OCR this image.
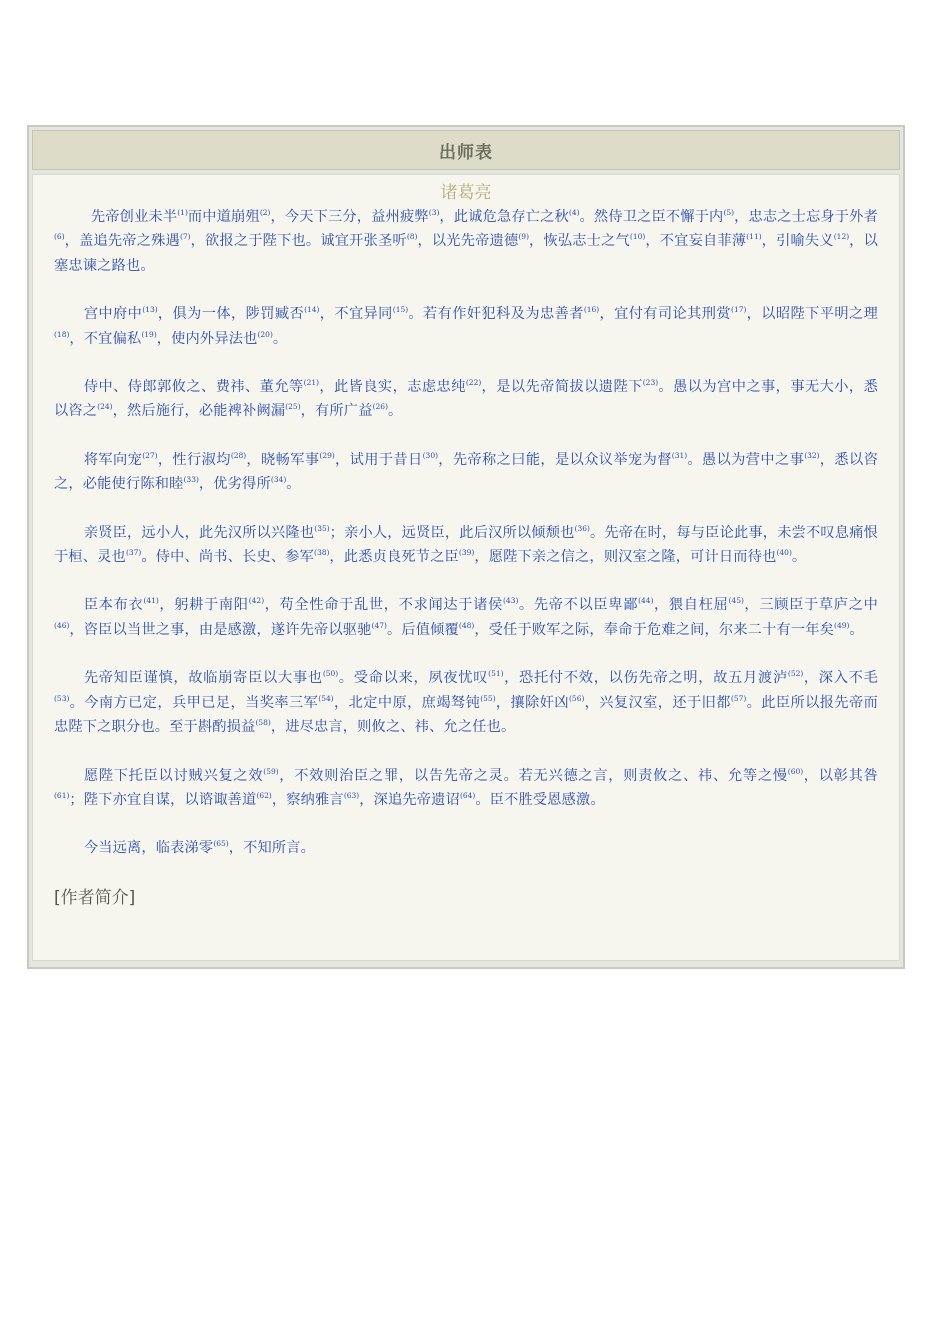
出师表
诸葛亮

先帝创业未半$^{(1)}$而中道崩殂$^{(2)}$，今天下三分，益州疲弊$^{(3)}$，此诚危急存亡之秋$^{(4)}$。然侍卫之臣不懈于内$^{(5)}$，忠志之士忘身于外者$^{(6)}$，盖追先帝之殊遇$^{(7)}$，欲报之于陛下也。诚宜开张圣听$^{(8)}$，以光先帝遗德$^{(9)}$，恢弘志士之气$^{(10)}$，不宜妄自菲薄$^{(11)}$，引喻失义$^{(12)}$，以塞忠谏之路也。

宫中府中$^{(13)}$，俱为一体，陟罚臧否$^{(14)}$，不宜异同$^{(15)}$。若有作奸犯科及为忠善者$^{(16)}$，宜付有司论其刑赏$^{(17)}$，以昭陛下平明之理$^{(18)}$，不宜偏私$^{(19)}$，使内外异法也$^{(20)}$。

侍中、侍郎郭攸之、费祎、董允等$^{(21)}$，此皆良实，志虑忠纯$^{(22)}$，是以先帝简拔以遗陛下$^{(23)}$。愚以为宫中之事，事无大小，悉以咨之$^{(24)}$，然后施行，必能裨补阙漏$^{(25)}$，有所广益$^{(26)}$。

将军向宠$^{(27)}$，性行淑均$^{(28)}$，晓畅军事$^{(29)}$，试用于昔日$^{(30)}$，先帝称之曰能，是以众议举宠为督$^{(31)}$。愚以为营中之事$^{(32)}$，悉以咨之，必能使行陈和睦$^{(33)}$，优劣得所$^{(34)}$。

亲贤臣，远小人，此先汉所以兴隆也$^{(35)}$；亲小人，远贤臣，此后汉所以倾颓也$^{(36)}$。先帝在时，每与臣论此事，未尝不叹息痛恨于桓、灵也$^{(37)}$。侍中、尚书、长史、参军$^{(38)}$，此悉贞良死节之臣$^{(39)}$，愿陛下亲之信之，则汉室之隆，可计日而待也$^{(40)}$。

臣本布衣$^{(41)}$，躬耕于南阳$^{(42)}$，苟全性命于乱世，不求闻达于诸侯$^{(43)}$。先帝不以臣卑鄙$^{(44)}$，猥自枉屈$^{(45)}$，三顾臣于草庐之中$^{(46)}$，咨臣以当世之事，由是感激，遂许先帝以驱驰$^{(47)}$。后值倾覆$^{(48)}$，受任于败军之际，奉命于危难之间，尔来二十有一年矣$^{(49)}$。

先帝知臣谨慎，故临崩寄臣以大事也$^{(50)}$。受命以来，夙夜忧叹$^{(51)}$，恐托付不效，以伤先帝之明，故五月渡泸$^{(52)}$，深入不毛$^{(53)}$。今南方已定，兵甲已足，当奖率三军$^{(54)}$，北定中原，庶竭驽钝$^{(55)}$，攘除奸凶$^{(56)}$，兴复汉室，还于旧都$^{(57)}$。此臣所以报先帝而忠陛下之职分也。至于斟酌损益$^{(58)}$，进尽忠言，则攸之、祎、允之任也。

愿陛下托臣以讨贼兴复之效$^{(59)}$，不效则治臣之罪，以告先帝之灵。若无兴德之言，则责攸之、祎、允等之慢$^{(60)}$，以彰其咎$^{(61)}$；陛下亦宜自谋，以谘诹善道$^{(62)}$，察纳雅言$^{(63)}$，深追先帝遗诏$^{(64)}$。臣不胜受恩感激。

今当远离，临表涕零$^{(65)}$，不知所言。

[作者简介]
